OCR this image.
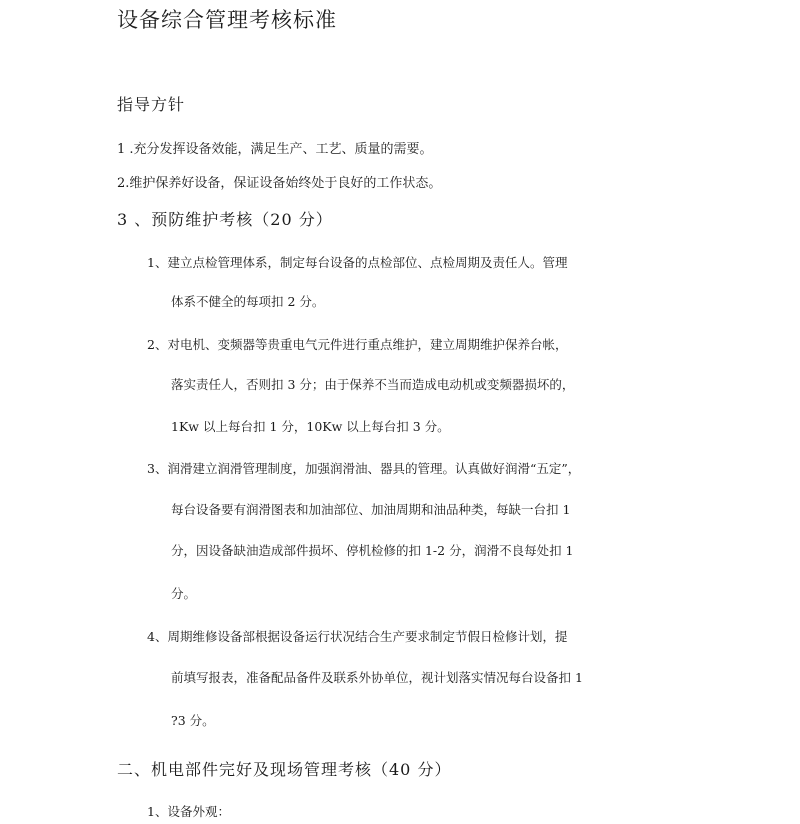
设备综合管理考核标准
指导方针

1 .充分发挥设备效能，满足生产、工艺、质量的需要。

2.维护保养好设备，保证设备始终处于良好的工作状态。

3 、预防维护考核（20 分）

1、建立点检管理体系，制定每台设备的点检部位、点检周期及责任人。管理

体系不健全的每项扣 2 分。

2、对电机、变频器等贵重电气元件进行重点维护，建立周期维护保养台帐，

落实责任人，否则扣 3 分；由于保养不当而造成电动机或变频器损坏的，

1Kw 以上每台扣 1 分，10Kw 以上每台扣 3 分。

3、润滑建立润滑管理制度，加强润滑油、器具的管理。认真做好润滑“五定”，

每台设备要有润滑图表和加油部位、加油周期和油品种类，每缺一台扣 1

分，因设备缺油造成部件损坏、停机检修的扣 1-2 分，润滑不良每处扣 1

分。

4、周期维修设备部根据设备运行状况结合生产要求制定节假日检修计划，提

前填写报表，准备配品备件及联系外协单位，视计划落实情况每台设备扣 1

?3 分。

二、机电部件完好及现场管理考核（40 分）

1、设备外观：
